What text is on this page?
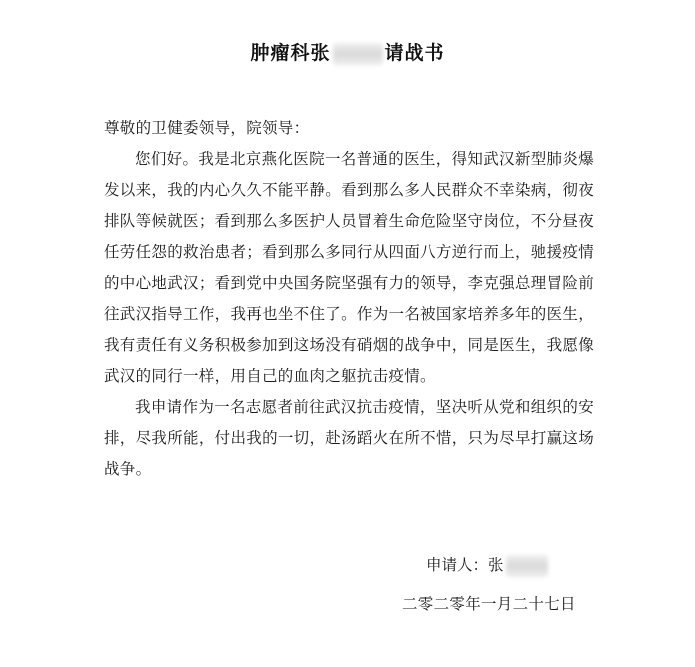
肿瘤科张	请战书

尊敬的卫健委领导，院领导：

您们好。我是北京燕化医院一名普通的医生，得知武汉新型肺炎爆发以来，我的内心久久不能平静。看到那么多人民群众不幸染病，彻夜排队等候就医；看到那么多医护人员冒着生命危险坚守岗位，不分昼夜任劳任怨的救治患者；看到那么多同行从四面八方逆行而上，驰援疫情的中心地武汉；看到党中央国务院坚强有力的领导，李克强总理冒险前往武汉指导工作，我再也坐不住了。作为一名被国家培养多年的医生，我有责任有义务积极参加到这场没有硝烟的战争中，同是医生，我愿像武汉的同行一样，用自己的血肉之躯抗击疫情。

我申请作为一名志愿者前往武汉抗击疫情，坚决听从党和组织的安排，尽我所能，付出我的一切，赴汤蹈火在所不惜，只为尽早打赢这场战争。

申请人：张
二零二零年一月二十七日
